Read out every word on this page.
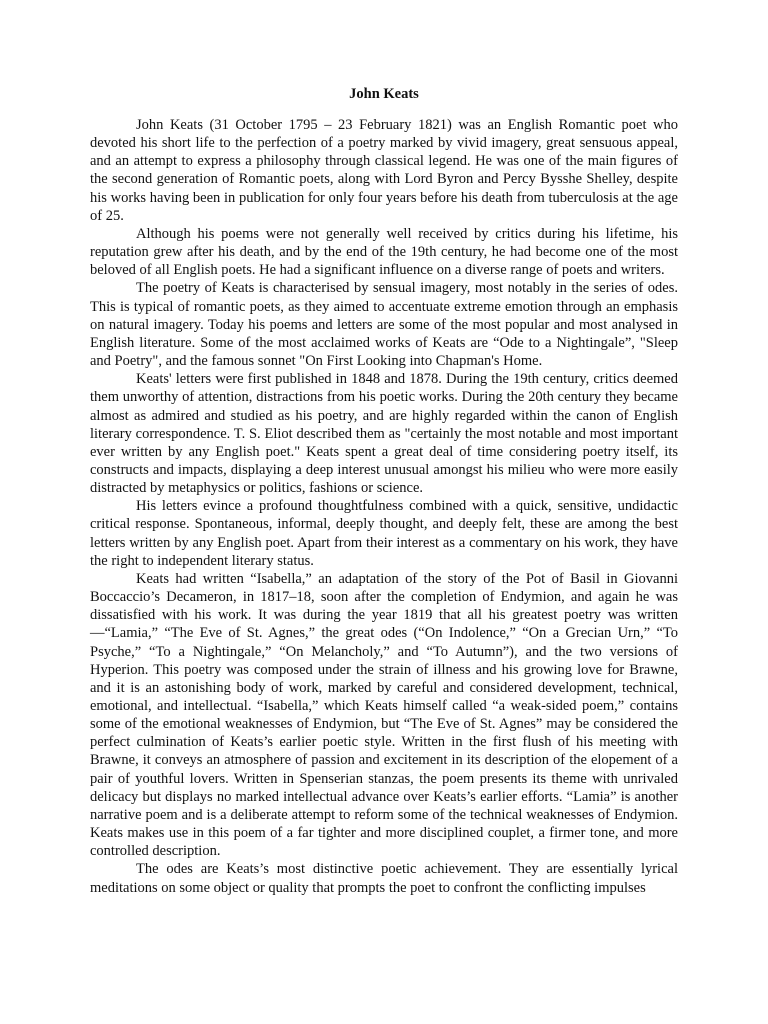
John Keats

John Keats (31 October 1795 – 23 February 1821) was an English Romantic poet who devoted his short life to the perfection of a poetry marked by vivid imagery, great sensuous appeal, and an attempt to express a philosophy through classical legend. He was one of the main figures of the second generation of Romantic poets, along with Lord Byron and Percy Bysshe Shelley, despite his works having been in publication for only four years before his death from tuberculosis at the age of 25.

Although his poems were not generally well received by critics during his lifetime, his reputation grew after his death, and by the end of the 19th century, he had become one of the most beloved of all English poets. He had a significant influence on a diverse range of poets and writers.

The poetry of Keats is characterised by sensual imagery, most notably in the series of odes. This is typical of romantic poets, as they aimed to accentuate extreme emotion through an emphasis on natural imagery. Today his poems and letters are some of the most popular and most analysed in English literature. Some of the most acclaimed works of Keats are “Ode to a Nightingale”, "Sleep and Poetry", and the famous sonnet "On First Looking into Chapman's Home.

Keats' letters were first published in 1848 and 1878. During the 19th century, critics deemed them unworthy of attention, distractions from his poetic works. During the 20th century they became almost as admired and studied as his poetry, and are highly regarded within the canon of English literary correspondence. T. S. Eliot described them as "certainly the most notable and most important ever written by any English poet." Keats spent a great deal of time considering poetry itself, its constructs and impacts, displaying a deep interest unusual amongst his milieu who were more easily distracted by metaphysics or politics, fashions or science.

His letters evince a profound thoughtfulness combined with a quick, sensitive, undidactic critical response. Spontaneous, informal, deeply thought, and deeply felt, these are among the best letters written by any English poet. Apart from their interest as a commentary on his work, they have the right to independent literary status.

Keats had written “Isabella,” an adaptation of the story of the Pot of Basil in Giovanni Boccaccio’s Decameron, in 1817–18, soon after the completion of Endymion, and again he was dissatisfied with his work. It was during the year 1819 that all his greatest poetry was written—“Lamia,” “The Eve of St. Agnes,” the great odes (“On Indolence,” “On a Grecian Urn,” “To Psyche,” “To a Nightingale,” “On Melancholy,” and “To Autumn”), and the two versions of Hyperion. This poetry was composed under the strain of illness and his growing love for Brawne, and it is an astonishing body of work, marked by careful and considered development, technical, emotional, and intellectual. “Isabella,” which Keats himself called “a weak-sided poem,” contains some of the emotional weaknesses of Endymion, but “The Eve of St. Agnes” may be considered the perfect culmination of Keats’s earlier poetic style. Written in the first flush of his meeting with Brawne, it conveys an atmosphere of passion and excitement in its description of the elopement of a pair of youthful lovers. Written in Spenserian stanzas, the poem presents its theme with unrivaled delicacy but displays no marked intellectual advance over Keats’s earlier efforts. “Lamia” is another narrative poem and is a deliberate attempt to reform some of the technical weaknesses of Endymion. Keats makes use in this poem of a far tighter and more disciplined couplet, a firmer tone, and more controlled description.

The odes are Keats’s most distinctive poetic achievement. They are essentially lyrical meditations on some object or quality that prompts the poet to confront the conflicting impulses
